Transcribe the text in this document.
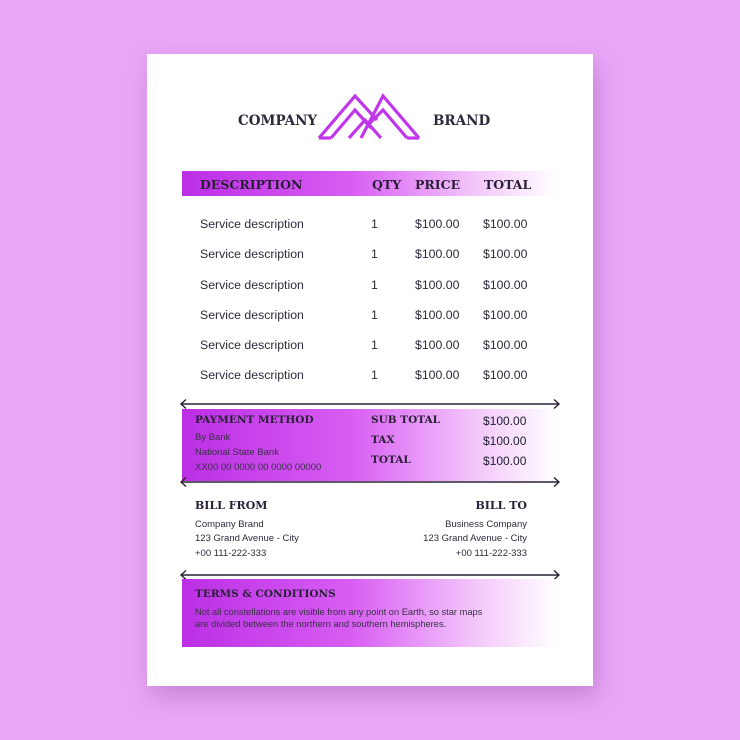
COMPANY	BRAND
DESCRIPTION	QTY PRICE TOTAL
Service description	1	$100.00 $100.00
Service description	1	$100.00 $100.00
Service description	1	$100.00 $100.00
Service description	1	$100.00 $100.00
Service description	1	$100.00 $100.00
Service description	1	$100.00 $100.00
PAYMENT METHOD
By Bank
National State Bank
XX00 00 0000 00 0000 00000
SUB TOTAL	$100.00
TAX	$100.00
TOTAL	$100.00
BILL FROM
Company Brand
123 Grand Avenue - City
+00 111-222-333
BILL TO
Business Company
123 Grand Avenue - City
+00 111-222-333
TERMS & CONDITIONS
Not all constellations are visible from any point on Earth, so star maps
are divided between the northern and southern hemispheres.
